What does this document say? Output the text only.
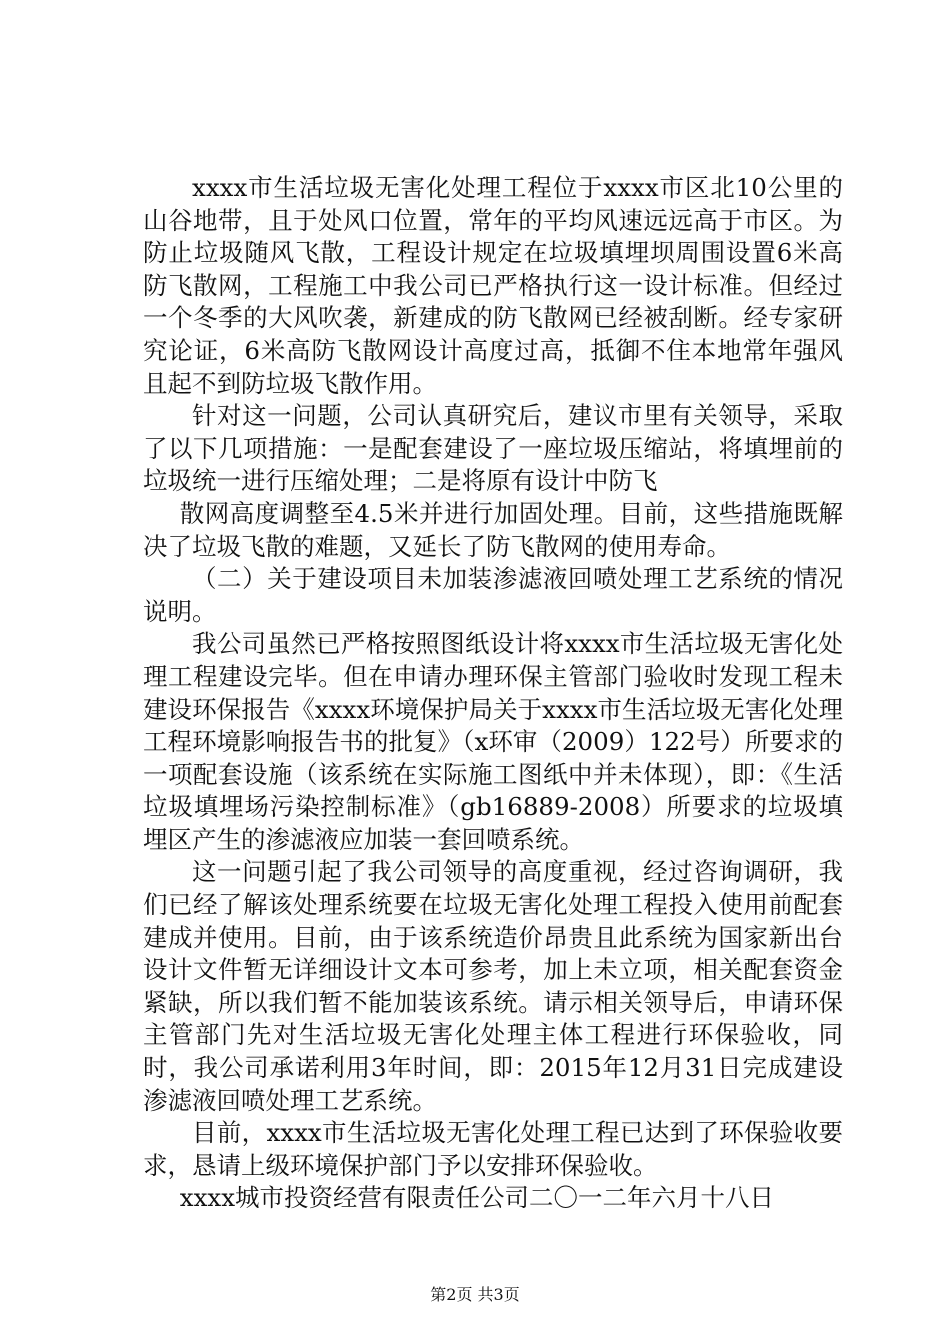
xxxx市生活垃圾无害化处理工程位于xxxx市区北10公里的山谷地带，且于处风口位置，常年的平均风速远远高于市区。为防止垃圾随风飞散，工程设计规定在垃圾填埋坝周围设置6米高防飞散网，工程施工中我公司已严格执行这一设计标准。但经过一个冬季的大风吹袭，新建成的防飞散网已经被刮断。经专家研究论证，6米高防飞散网设计高度过高，抵御不住本地常年强风且起不到防垃圾飞散作用。

针对这一问题，公司认真研究后，建议市里有关领导，采取了以下几项措施：一是配套建设了一座垃圾压缩站，将填埋前的垃圾统一进行压缩处理；二是将原有设计中防飞

散网高度调整至4.5米并进行加固处理。目前，这些措施既解决了垃圾飞散的难题，又延长了防飞散网的使用寿命。

（二）关于建设项目未加装渗滤液回喷处理工艺系统的情况说明。

我公司虽然已严格按照图纸设计将xxxx市生活垃圾无害化处理工程建设完毕。但在申请办理环保主管部门验收时发现工程未建设环保报告《xxxx环境保护局关于xxxx市生活垃圾无害化处理工程环境影响报告书的批复》（x环审（2009）122号）所要求的一项配套设施（该系统在实际施工图纸中并未体现），即：《生活垃圾填埋场污染控制标准》（gb16889-2008）所要求的垃圾填埋区产生的渗滤液应加装一套回喷系统。

这一问题引起了我公司领导的高度重视，经过咨询调研，我们已经了解该处理系统要在垃圾无害化处理工程投入使用前配套建成并使用。目前，由于该系统造价昂贵且此系统为国家新出台设计文件暂无详细设计文本可参考，加上未立项，相关配套资金紧缺，所以我们暂不能加装该系统。请示相关领导后，申请环保主管部门先对生活垃圾无害化处理主体工程进行环保验收，同时，我公司承诺利用3年时间，即：2015年12月31日完成建设渗滤液回喷处理工艺系统。

目前，xxxx市生活垃圾无害化处理工程已达到了环保验收要求，恳请上级环境保护部门予以安排环保验收。

xxxx城市投资经营有限责任公司二〇一二年六月十八日

第2页 共3页
